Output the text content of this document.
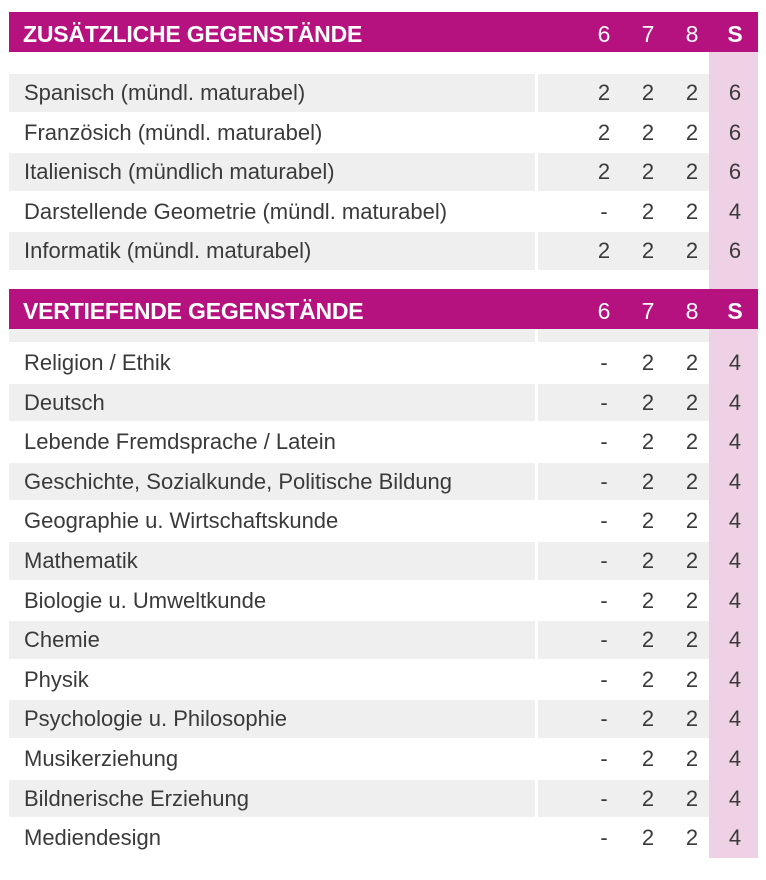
ZUSÄTZLICHE GEGENSTÄNDE	6	7	8	S
Spanisch (mündl. maturabel)	2	2	2	6
Französich (mündl. maturabel)	2	2	2	6
Italienisch (mündlich maturabel)	2	2	2	6
Darstellende Geometrie (mündl. maturabel)	-	2	2	4
Informatik (mündl. maturabel)	2	2	2	6
VERTIEFENDE GEGENSTÄNDE	6	7	8	S
Religion / Ethik	-	2	2	4
Deutsch	-	2	2	4
Lebende Fremdsprache / Latein	-	2	2	4
Geschichte, Sozialkunde, Politische Bildung	-	2	2	4
Geographie u. Wirtschaftskunde	-	2	2	4
Mathematik	-	2	2	4
Biologie u. Umweltkunde	-	2	2	4
Chemie	-	2	2	4
Physik	-	2	2	4
Psychologie u. Philosophie	-	2	2	4
Musikerziehung	-	2	2	4
Bildnerische Erziehung	-	2	2	4
Mediendesign	-	2	2	4
